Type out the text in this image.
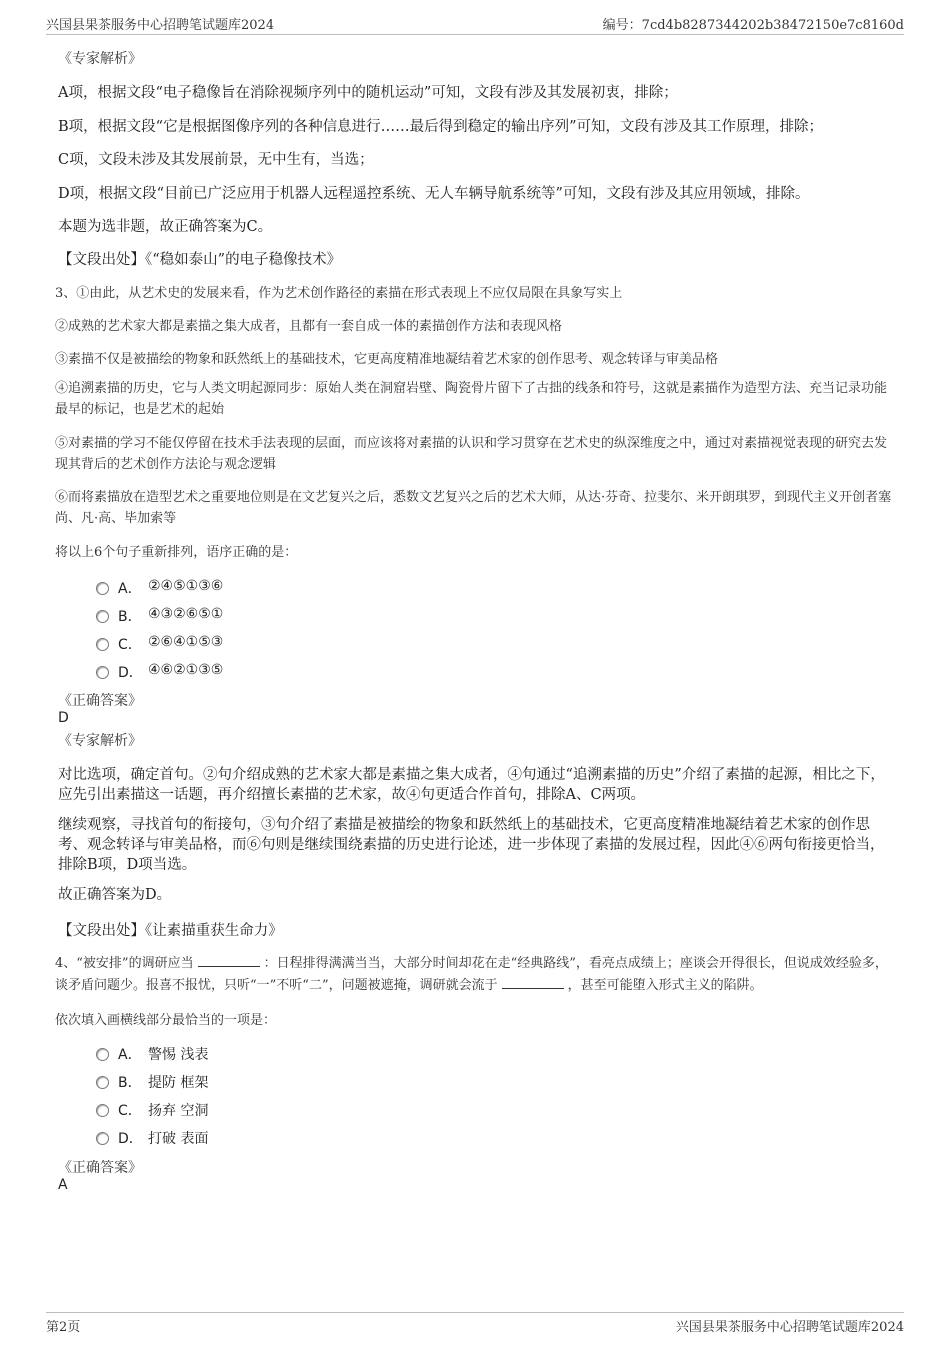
兴国县果茶服务中心招聘笔试题库2024	编号：7cd4b8287344202b38472150e7c8160d
《专家解析》
A项，根据文段“电子稳像旨在消除视频序列中的随机运动”可知，文段有涉及其发展初衷，排除；
B项，根据文段“它是根据图像序列的各种信息进行……最后得到稳定的输出序列”可知，文段有涉及其工作原理，排除；
C项，文段未涉及其发展前景，无中生有，当选；
D项，根据文段“目前已广泛应用于机器人远程遥控系统、无人车辆导航系统等”可知，文段有涉及其应用领域，排除。
本题为选非题，故正确答案为C。
【文段出处】《“稳如泰山”的电子稳像技术》
3、①由此，从艺术史的发展来看，作为艺术创作路径的素描在形式表现上不应仅局限在具象写实上
②成熟的艺术家大都是素描之集大成者，且都有一套自成一体的素描创作方法和表现风格
③素描不仅是被描绘的物象和跃然纸上的基础技术，它更高度精准地凝结着艺术家的创作思考、观念转译与审美品格
④追溯素描的历史，它与人类文明起源同步：原始人类在洞窟岩壁、陶瓷骨片留下了古拙的线条和符号，这就是素描作为造型方法、充当记录功能最早的标记，也是艺术的起始
⑤对素描的学习不能仅停留在技术手法表现的层面，而应该将对素描的认识和学习贯穿在艺术史的纵深维度之中，通过对素描视觉表现的研究去发现其背后的艺术创作方法论与观念逻辑
⑥而将素描放在造型艺术之重要地位则是在文艺复兴之后，悉数文艺复兴之后的艺术大师，从达·芬奇、拉斐尔、米开朗琪罗，到现代主义开创者塞尚、凡·高、毕加索等
将以上6个句子重新排列，语序正确的是：
A． ②④⑤①③⑥
B． ④③②⑥⑤①
C． ②⑥④①⑤③
D． ④⑥②①③⑤
《正确答案》
D
《专家解析》
对比选项，确定首句。②句介绍成熟的艺术家大都是素描之集大成者，④句通过“追溯素描的历史”介绍了素描的起源，相比之下，应先引出素描这一话题，再介绍擅长素描的艺术家，故④句更适合作首句，排除A、C两项。
继续观察，寻找首句的衔接句，③句介绍了素描是被描绘的物象和跃然纸上的基础技术，它更高度精准地凝结着艺术家的创作思考、观念转译与审美品格，而⑥句则是继续围绕素描的历史进行论述，进一步体现了素描的发展过程，因此④⑥两句衔接更恰当，排除B项，D项当选。
故正确答案为D。
【文段出处】《让素描重获生命力》
4、“被安排”的调研应当	：日程排得满满当当，大部分时间却花在走“经典路线”，看亮点成绩上；座谈会开得很长，但说成效经验多，谈矛盾问题少。报喜不报忧，只听“一”不听“二”，问题被遮掩，调研就会流于	，甚至可能堕入形式主义的陷阱。
依次填入画横线部分最恰当的一项是：
A． 警惕 浅表
B． 提防 框架
C． 扬弃 空洞
D． 打破 表面
《正确答案》
A
第2页	兴国县果茶服务中心招聘笔试题库2024
